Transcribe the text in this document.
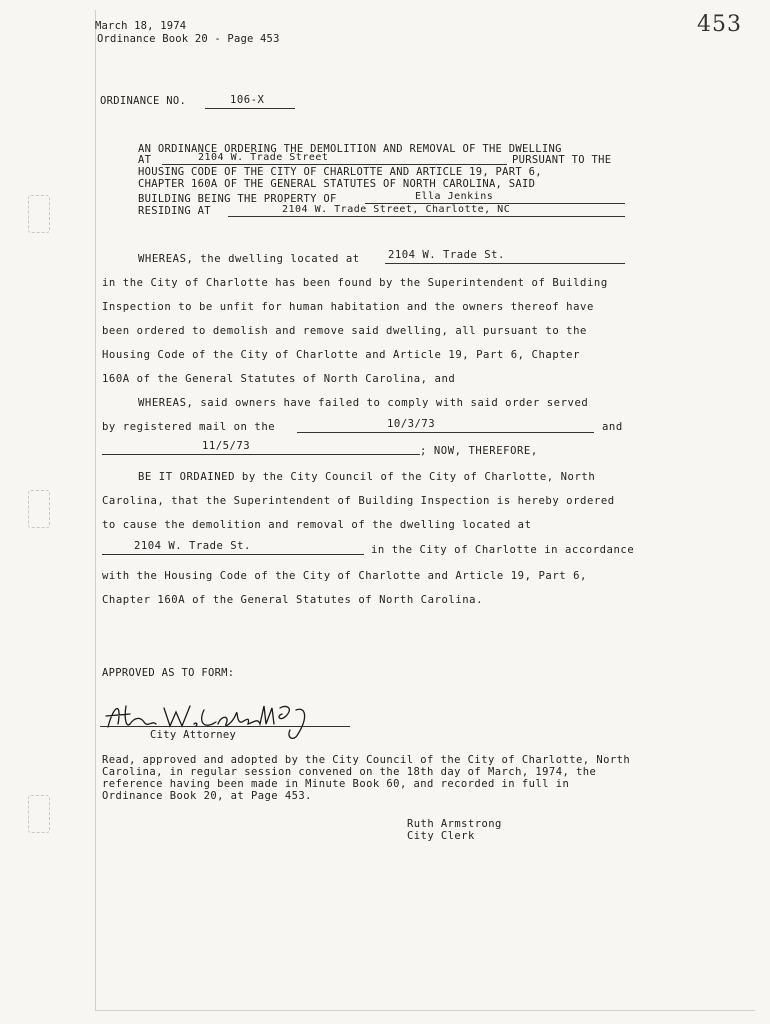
March 18, 1974
Ordinance Book 20 - Page 453
453
ORDINANCE NO.	106-X
AN ORDINANCE ORDERING THE DEMOLITION AND REMOVAL OF THE DWELLING
AT	2104 W. Trade Street	PURSUANT TO THE
HOUSING CODE OF THE CITY OF CHARLOTTE AND ARTICLE 19, PART 6,
CHAPTER 160A OF THE GENERAL STATUTES OF NORTH CAROLINA, SAID
BUILDING BEING THE PROPERTY OF	Ella Jenkins
RESIDING AT	2104 W. Trade Street, Charlotte, NC
WHEREAS, the dwelling located at	2104 W. Trade St.
in the City of Charlotte has been found by the Superintendent of Building
Inspection to be unfit for human habitation and the owners thereof have
been ordered to demolish and remove said dwelling, all pursuant to the
Housing Code of the City of Charlotte and Article 19, Part 6, Chapter
160A of the General Statutes of North Carolina, and
WHEREAS, said owners have failed to comply with said order served
by registered mail on the	10/3/73	and
11/5/73	; NOW, THEREFORE,
BE IT ORDAINED by the City Council of the City of Charlotte, North
Carolina, that the Superintendent of Building Inspection is hereby ordered
to cause the demolition and removal of the dwelling located at
2104 W. Trade St.	in the City of Charlotte in accordance
with the Housing Code of the City of Charlotte and Article 19, Part 6,
Chapter 160A of the General Statutes of North Carolina.
APPROVED AS TO FORM:
City Attorney
Read, approved and adopted by the City Council of the City of Charlotte, North
Carolina, in regular session convened on the 18th day of March, 1974, the
reference having been made in Minute Book 60, and recorded in full in
Ordinance Book 20, at Page 453.
Ruth Armstrong
City Clerk
